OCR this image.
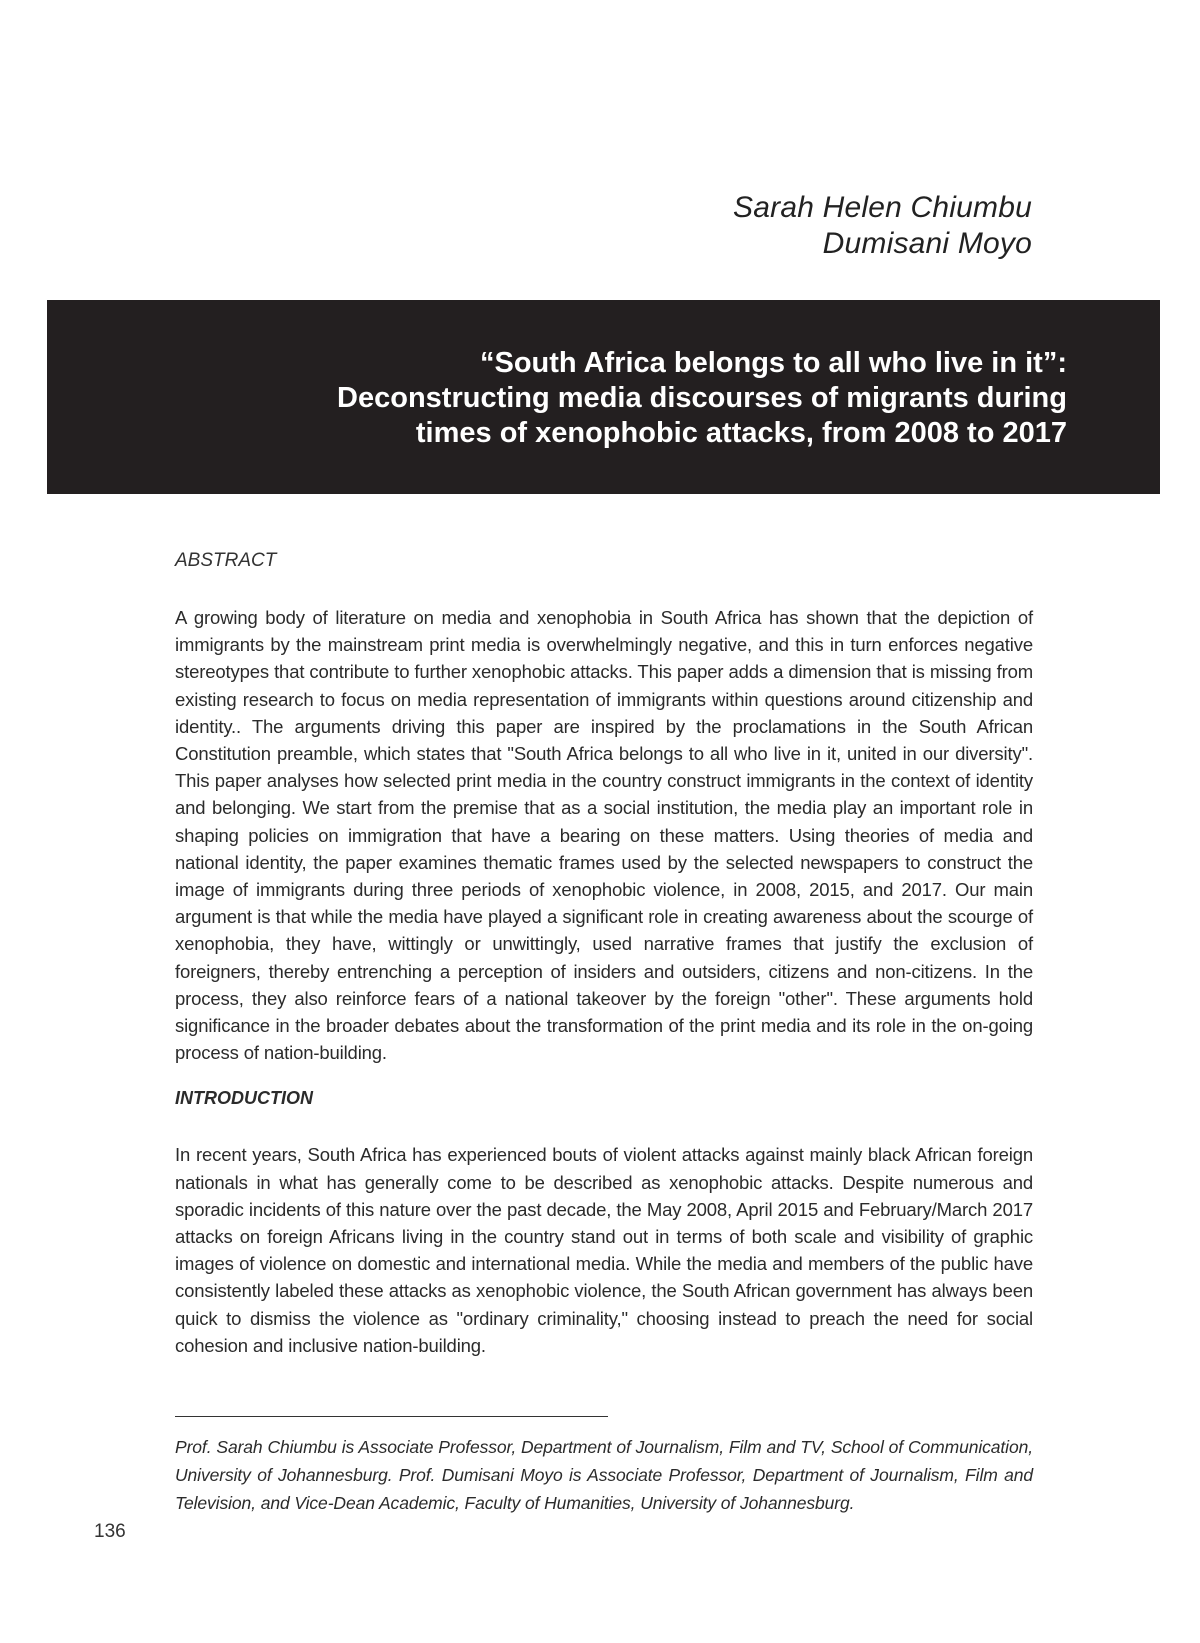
Sarah Helen Chiumbu
Dumisani Moyo
“South Africa belongs to all who live in it”:
Deconstructing media discourses of migrants during
times of xenophobic attacks, from 2008 to 2017
ABSTRACT

A growing body of literature on media and xenophobia in South Africa has shown that the depiction of immigrants by the mainstream print media is overwhelmingly negative, and this in turn enforces negative stereotypes that contribute to further xenophobic attacks. This paper adds a dimension that is missing from existing research to focus on media representation of immigrants within questions around citizenship and identity.. The arguments driving this paper are inspired by the proclamations in the South African Constitution preamble, which states that "South Africa belongs to all who live in it, united in our diversity". This paper analyses how selected print media in the country construct immigrants in the context of identity and belonging. We start from the premise that as a social institution, the media play an important role in shaping policies on immigration that have a bearing on these matters. Using theories of media and national identity, the paper examines thematic frames used by the selected newspapers to construct the image of immigrants during three periods of xenophobic violence, in 2008, 2015, and 2017. Our main argument is that while the media have played a significant role in creating awareness about the scourge of xenophobia, they have, wittingly or unwittingly, used narrative frames that justify the exclusion of foreigners, thereby entrenching a perception of insiders and outsiders, citizens and non-citizens. In the process, they also reinforce fears of a national takeover by the foreign "other". These arguments hold significance in the broader debates about the transformation of the print media and its role in the on-going process of nation-building.

INTRODUCTION

In recent years, South Africa has experienced bouts of violent attacks against mainly black African foreign nationals in what has generally come to be described as xenophobic attacks. Despite numerous and sporadic incidents of this nature over the past decade, the May 2008, April 2015 and February/March 2017 attacks on foreign Africans living in the country stand out in terms of both scale and visibility of graphic images of violence on domestic and international media. While the media and members of the public have consistently labeled these attacks as xenophobic violence, the South African government has always been quick to dismiss the violence as "ordinary criminality," choosing instead to preach the need for social cohesion and inclusive nation-building.

Prof. Sarah Chiumbu is Associate Professor, Department of Journalism, Film and TV, School of Communication, University of Johannesburg. Prof. Dumisani Moyo is Associate Professor, Department of Journalism, Film and Television, and Vice-Dean Academic, Faculty of Humanities, University of Johannesburg.

136
